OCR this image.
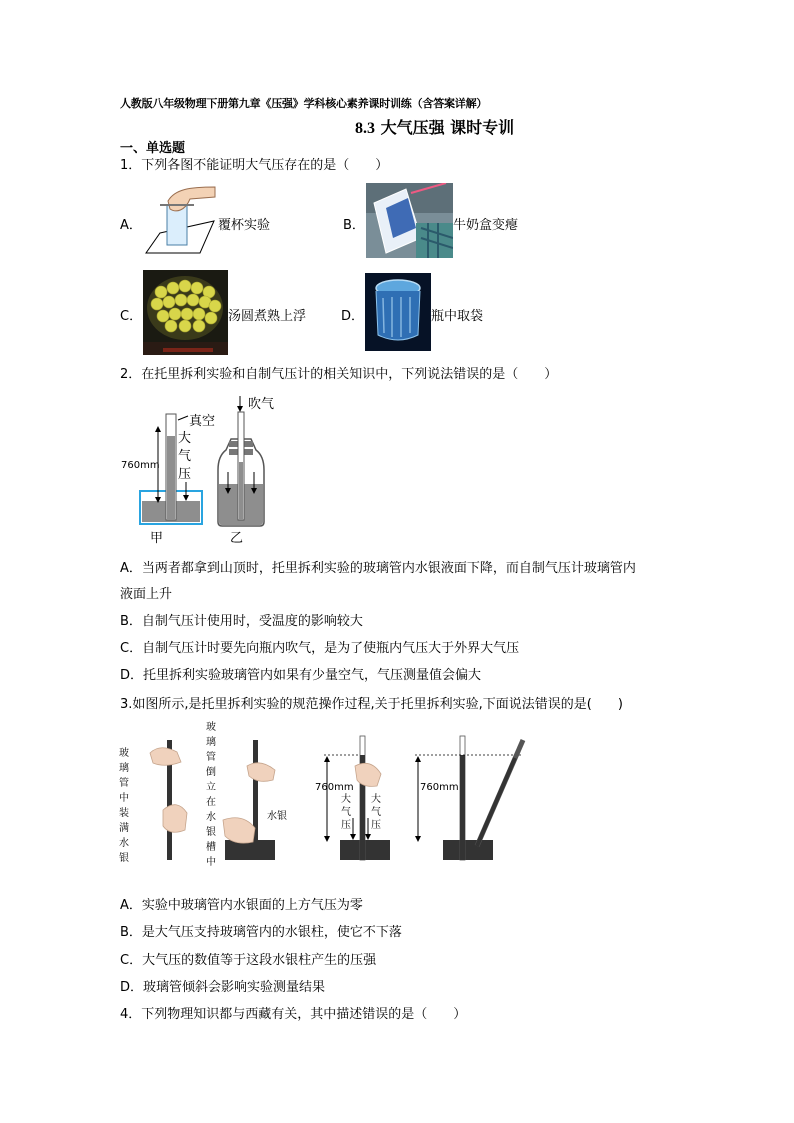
人教版八年级物理下册第九章《压强》学科核心素养课时训练（含答案详解）
8.3 大气压强 课时专训
一、单选题
1．下列各图不能证明大气压存在的是（　　）
A．	覆杯实验	B．	牛奶盒变瘪
C．	汤圆煮熟上浮	D．	瓶中取袋
2．在托里拆利实验和自制气压计的相关知识中，下列说法错误的是（　　）
真空
760mm
大
气
压
甲
吹气
乙
A．当两者都拿到山顶时，托里拆利实验的玻璃管内水银液面下降，而自制气压计玻璃管内
液面上升
B．自制气压计使用时，受温度的影响较大
C．自制气压计时要先向瓶内吹气，是为了使瓶内气压大于外界大气压
D．托里拆利实验玻璃管内如果有少量空气，气压测量值会偏大
3.如图所示,是托里拆利实验的规范操作过程,关于托里拆利实验,下面说法错误的是(　　)
玻
璃
管
中
装
满
水
银
玻
璃
管
倒
立
在
水
银
槽
中
水银
760mm
大
气
压
大
气
压
760mm
A．实验中玻璃管内水银面的上方气压为零
B．是大气压支持玻璃管内的水银柱，使它不下落
C．大气压的数值等于这段水银柱产生的压强
D．玻璃管倾斜会影响实验测量结果
4．下列物理知识都与西藏有关，其中描述错误的是（　　）
